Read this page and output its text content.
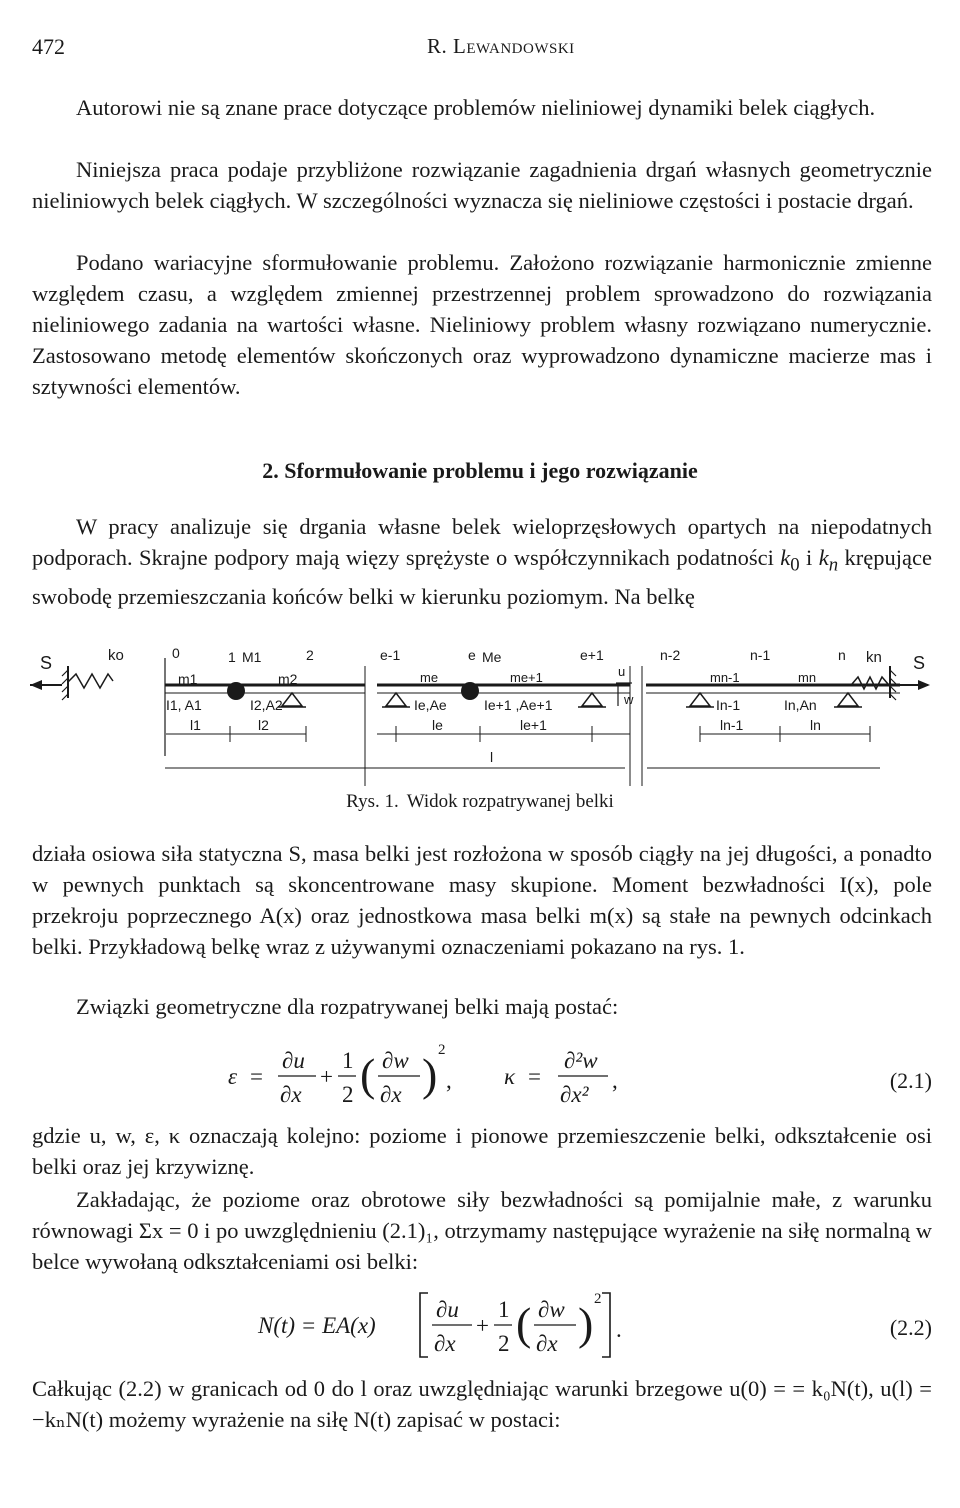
472	R. Lewandowski

Autorowi nie są znane prace dotyczące problemów nieliniowej dynamiki belek ciągłych.

Niniejsza praca podaje przybliżone rozwiązanie zagadnienia drgań własnych geometrycznie nieliniowych belek ciągłych. W szczególności wyznacza się nieliniowe częstości i postacie drgań.

Podano wariacyjne sformułowanie problemu. Założono rozwiązanie harmonicznie zmienne względem czasu, a względem zmiennej przestrzennej problem sprowadzono do rozwiązania nieliniowego zadania na wartości własne. Nieliniowy problem własny rozwiązano numerycznie. Zastosowano metodę elementów skończonych oraz wyprowadzono dynamiczne macierze mas i sztywności elementów.

2. Sformułowanie problemu i jego rozwiązanie

W pracy analizuje się drgania własne belek wieloprzęsłowych opartych na niepodatnych podporach. Skrajne podpory mają więzy sprężyste o współczynnikach podatności $k_0$ i $k_n$ krępujące swobodę przemieszczania końców belki w kierunku poziomym. Na belkę

S	ko	0
m1
1 M1
m2
2
I1, A1	I2,A2
l1	l2
e-1
me
e Me
me+1
e+1
Ie,Ae	Ie+1 ,Ae+1
u
w
le	le+1
l
n-2	n-1	n
mn-1	mn
In-1	In,An
kn S
ln-1	ln
Rys. 1. Widok rozpatrywanej belki

działa osiowa siła statyczna S, masa belki jest rozłożona w sposób ciągły na jej długości, a ponadto w pewnych punktach są skoncentrowane masy skupione. Moment bezwładności I(x), pole przekroju poprzecznego A(x) oraz jednostkowa masa belki m(x) są stałe na pewnych odcinkach belki. Przykładową belkę wraz z używanymi oznaczeniami pokazano na rys. 1.

Związki geometryczne dla rozpatrywanej belki mają postać:

ε =
∂u
∂x
+
1
2 ( ∂w
∂x ) 2
, κ =
∂²w
∂x²
,	(2.1)

gdzie u, w, ε, κ oznaczają kolejno: poziome i pionowe przemieszczenie belki, odkształcenie osi belki oraz jej krzywiznę.

Zakładając, że poziome oraz obrotowe siły bezwładności są pomijalnie małe, z warunku równowagi Σx = 0 i po uwzględnieniu (2.1)₁, otrzymamy następujące wyrażenie na siłę normalną w belce wywołaną odkształceniami osi belki:

N(t) = EA(x)
∂u
∂x
+
1
2 ( ∂w
∂x ) 2
.	(2.2)

Całkując (2.2) w granicach od 0 do l oraz uwzględniając warunki brzegowe u(0) = = k₀N(t), u(l) = −kₙN(t) możemy wyrażenie na siłę N(t) zapisać w postaci:
